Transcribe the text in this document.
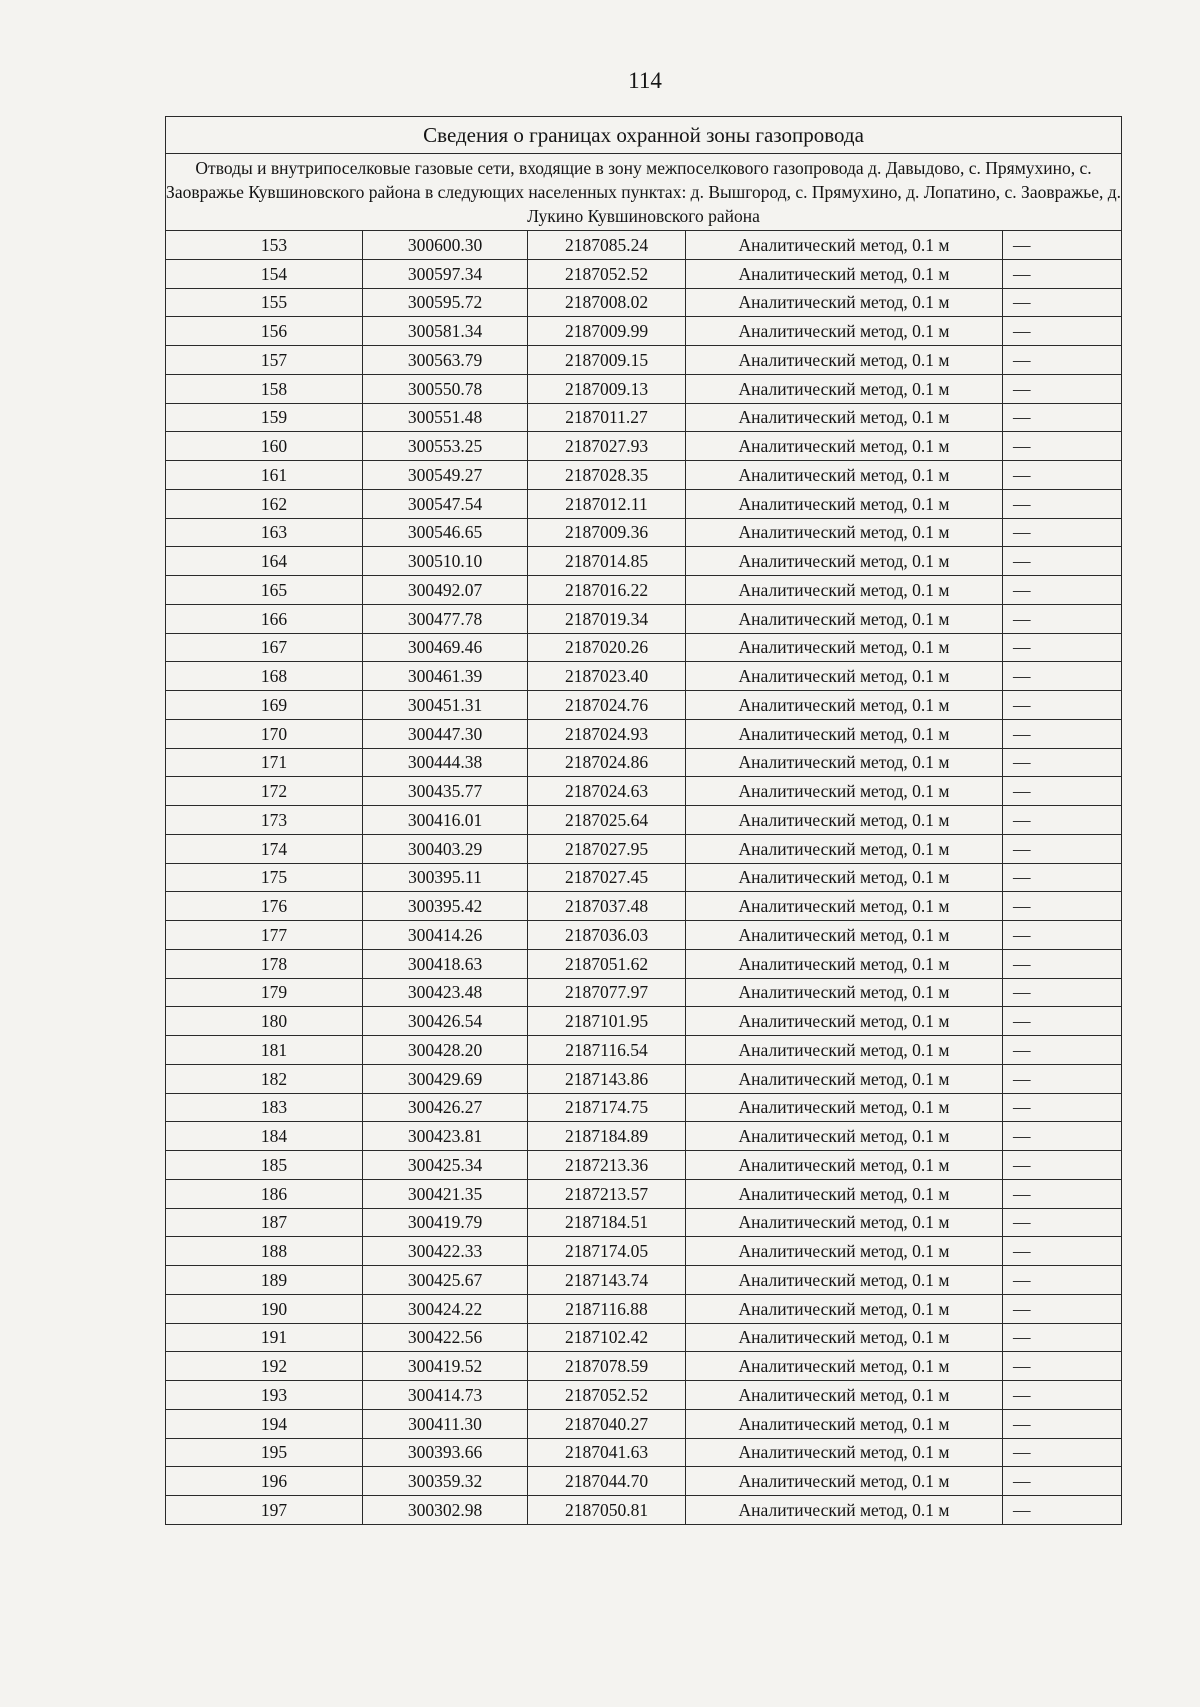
114
Сведения о границах охранной зоны газопровода				
Отводы и внутрипоселковые газовые сети, входящие в зону межпоселкового газопровода д. Давыдово, с. Прямухино, с. Заовражье Кувшиновского района в следующих населенных пунктах: д. Вышгород, с. Прямухино, д. Лопатино, с. Заовражье, д. Лукино Кувшиновского района				
153	300600.30	2187085.24	Аналитический метод, 0.1 м	—
154	300597.34	2187052.52	Аналитический метод, 0.1 м	—
155	300595.72	2187008.02	Аналитический метод, 0.1 м	—
156	300581.34	2187009.99	Аналитический метод, 0.1 м	—
157	300563.79	2187009.15	Аналитический метод, 0.1 м	—
158	300550.78	2187009.13	Аналитический метод, 0.1 м	—
159	300551.48	2187011.27	Аналитический метод, 0.1 м	—
160	300553.25	2187027.93	Аналитический метод, 0.1 м	—
161	300549.27	2187028.35	Аналитический метод, 0.1 м	—
162	300547.54	2187012.11	Аналитический метод, 0.1 м	—
163	300546.65	2187009.36	Аналитический метод, 0.1 м	—
164	300510.10	2187014.85	Аналитический метод, 0.1 м	—
165	300492.07	2187016.22	Аналитический метод, 0.1 м	—
166	300477.78	2187019.34	Аналитический метод, 0.1 м	—
167	300469.46	2187020.26	Аналитический метод, 0.1 м	—
168	300461.39	2187023.40	Аналитический метод, 0.1 м	—
169	300451.31	2187024.76	Аналитический метод, 0.1 м	—
170	300447.30	2187024.93	Аналитический метод, 0.1 м	—
171	300444.38	2187024.86	Аналитический метод, 0.1 м	—
172	300435.77	2187024.63	Аналитический метод, 0.1 м	—
173	300416.01	2187025.64	Аналитический метод, 0.1 м	—
174	300403.29	2187027.95	Аналитический метод, 0.1 м	—
175	300395.11	2187027.45	Аналитический метод, 0.1 м	—
176	300395.42	2187037.48	Аналитический метод, 0.1 м	—
177	300414.26	2187036.03	Аналитический метод, 0.1 м	—
178	300418.63	2187051.62	Аналитический метод, 0.1 м	—
179	300423.48	2187077.97	Аналитический метод, 0.1 м	—
180	300426.54	2187101.95	Аналитический метод, 0.1 м	—
181	300428.20	2187116.54	Аналитический метод, 0.1 м	—
182	300429.69	2187143.86	Аналитический метод, 0.1 м	—
183	300426.27	2187174.75	Аналитический метод, 0.1 м	—
184	300423.81	2187184.89	Аналитический метод, 0.1 м	—
185	300425.34	2187213.36	Аналитический метод, 0.1 м	—
186	300421.35	2187213.57	Аналитический метод, 0.1 м	—
187	300419.79	2187184.51	Аналитический метод, 0.1 м	—
188	300422.33	2187174.05	Аналитический метод, 0.1 м	—
189	300425.67	2187143.74	Аналитический метод, 0.1 м	—
190	300424.22	2187116.88	Аналитический метод, 0.1 м	—
191	300422.56	2187102.42	Аналитический метод, 0.1 м	—
192	300419.52	2187078.59	Аналитический метод, 0.1 м	—
193	300414.73	2187052.52	Аналитический метод, 0.1 м	—
194	300411.30	2187040.27	Аналитический метод, 0.1 м	—
195	300393.66	2187041.63	Аналитический метод, 0.1 м	—
196	300359.32	2187044.70	Аналитический метод, 0.1 м	—
197	300302.98	2187050.81	Аналитический метод, 0.1 м	—
